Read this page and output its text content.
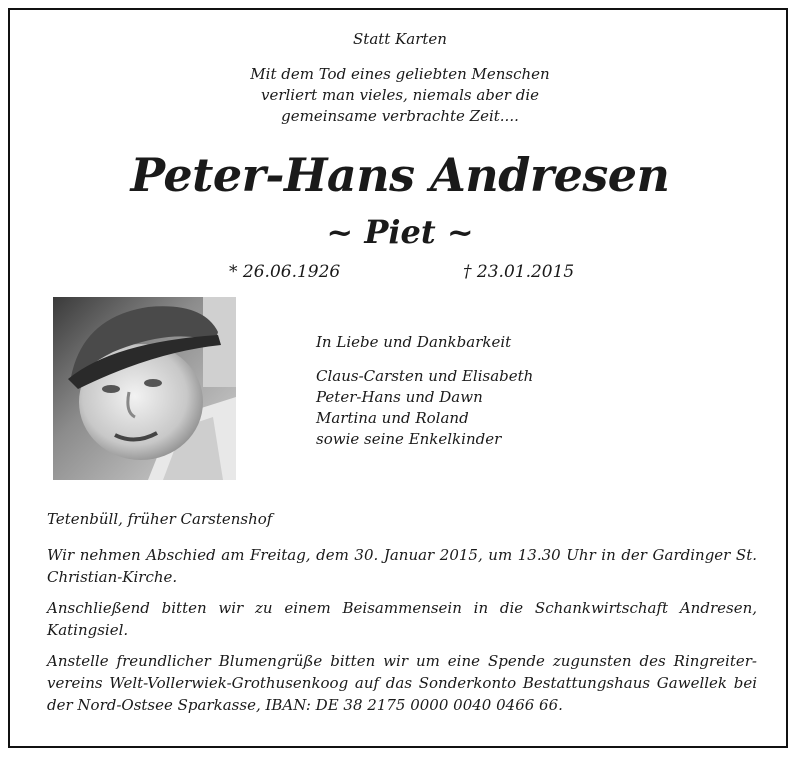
Statt Karten
Mit dem Tod eines geliebten Menschen
verliert man vieles, niemals aber die
gemeinsame verbrachte Zeit....
Peter-Hans Andresen
~ Piet ~
* 26.06.1926	† 23.01.2015
In Liebe und Dankbarkeit
Claus-Carsten und Elisabeth
Peter-Hans und Dawn
Martina und Roland
sowie seine Enkelkinder

Tetenbüll, früher Carstenshof

Wir nehmen Abschied am Freitag, dem 30. Januar 2015, um 13.30 Uhr in der Gardinger St. Christian-Kirche.

Anschließend bitten wir zu einem Beisammensein in die Schankwirtschaft Andresen, Katingsiel.

Anstelle freundlicher Blumengrüße bitten wir um eine Spende zugunsten des Ringreiter-vereins Welt-Vollerwiek-Grothusenkoog auf das Sonderkonto Bestattungshaus Gawellek bei der Nord-Ostsee Sparkasse, IBAN: DE 38 2175 0000 0040 0466 66.
